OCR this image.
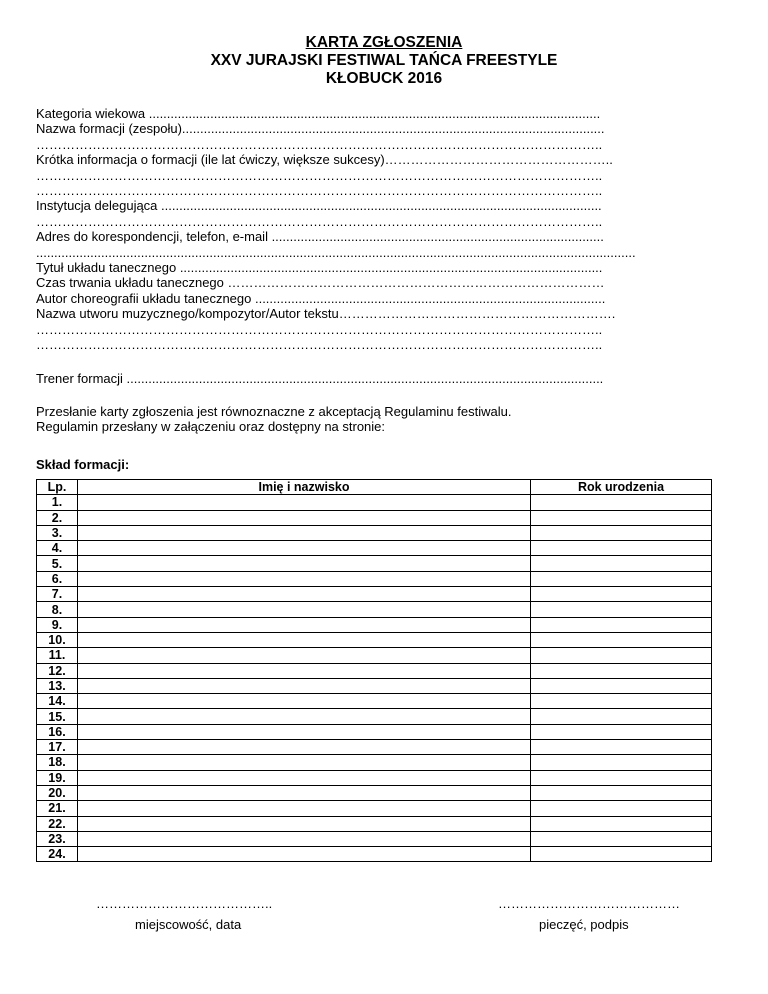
KARTA ZGŁOSZENIA
XXV JURAJSKI FESTIWAL TAŃCA FREESTYLE
KŁOBUCK 2016
Kategoria wiekowa .............................................................................................................................
Nazwa formacji (zespołu).....................................................................................................................
…………………………………………………………………………………………………………………..
Krótka informacja o formacji (ile lat ćwiczy, większe sukcesy)……………………………………………..
…………………………………………………………………………………………………………………..
…………………………………………………………………………………………………………………..
Instytucja delegująca ..........................................................................................................................
…………………………………………………………………………………………………………………..
Adres do korespondencji, telefon, e-mail ............................................................................................
......................................................................................................................................................................
Tytuł układu tanecznego .....................................................................................................................
Czas trwania układu tanecznego ……………………………………………………………………………
Autor choreografii układu tanecznego .................................................................................................
Nazwa utworu muzycznego/kompozytor/Autor tekstu……………………………………………………….
…………………………………………………………………………………………………………………..
…………………………………………………………………………………………………………………..
Trener formacji ....................................................................................................................................
Przesłanie karty zgłoszenia jest równoznaczne z akceptacją Regulaminu festiwalu.
Regulamin przesłany w załączeniu oraz dostępny na stronie:
Skład formacji:
Lp.	Imię i nazwisko	Rok urodzenia
1.		
2.		
3.		
4.		
5.		
6.		
7.		
8.		
9.		
10.		
11.		
12.		
13.		
14.		
15.		
16.		
17.		
18.		
19.		
20.		
21.		
22.		
23.		
24.		
…………………………………..
miejscowość, data
……………………………………
pieczęć, podpis
